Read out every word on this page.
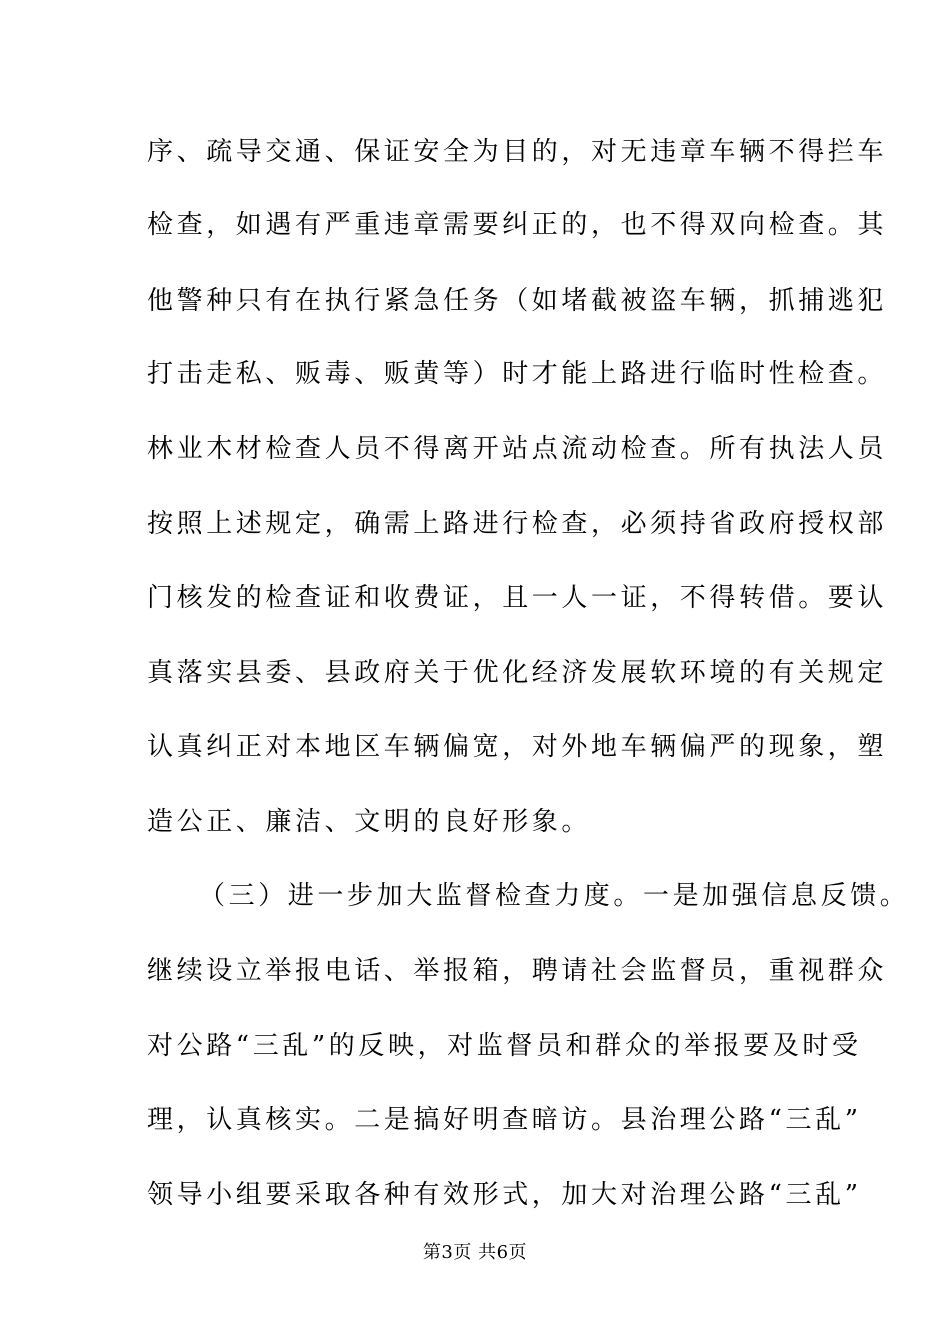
序、疏导交通、保证安全为目的，对无违章车辆不得拦车
检查，如遇有严重违章需要纠正的，也不得双向检查。其
他警种只有在执行紧急任务（如堵截被盗车辆，抓捕逃犯
打击走私、贩毒、贩黄等）时才能上路进行临时性检查。
林业木材检查人员不得离开站点流动检查。所有执法人员
按照上述规定，确需上路进行检查，必须持省政府授权部
门核发的检查证和收费证，且一人一证，不得转借。要认
真落实县委、县政府关于优化经济发展软环境的有关规定
认真纠正对本地区车辆偏宽，对外地车辆偏严的现象，塑
造公正、廉洁、文明的良好形象。
（三）进一步加大监督检查力度。一是加强信息反馈。
继续设立举报电话、举报箱，聘请社会监督员，重视群众
对公路“三乱”的反映，对监督员和群众的举报要及时受
理，认真核实。二是搞好明查暗访。县治理公路“三乱”
领导小组要采取各种有效形式，加大对治理公路“三乱”
第3页 共6页
